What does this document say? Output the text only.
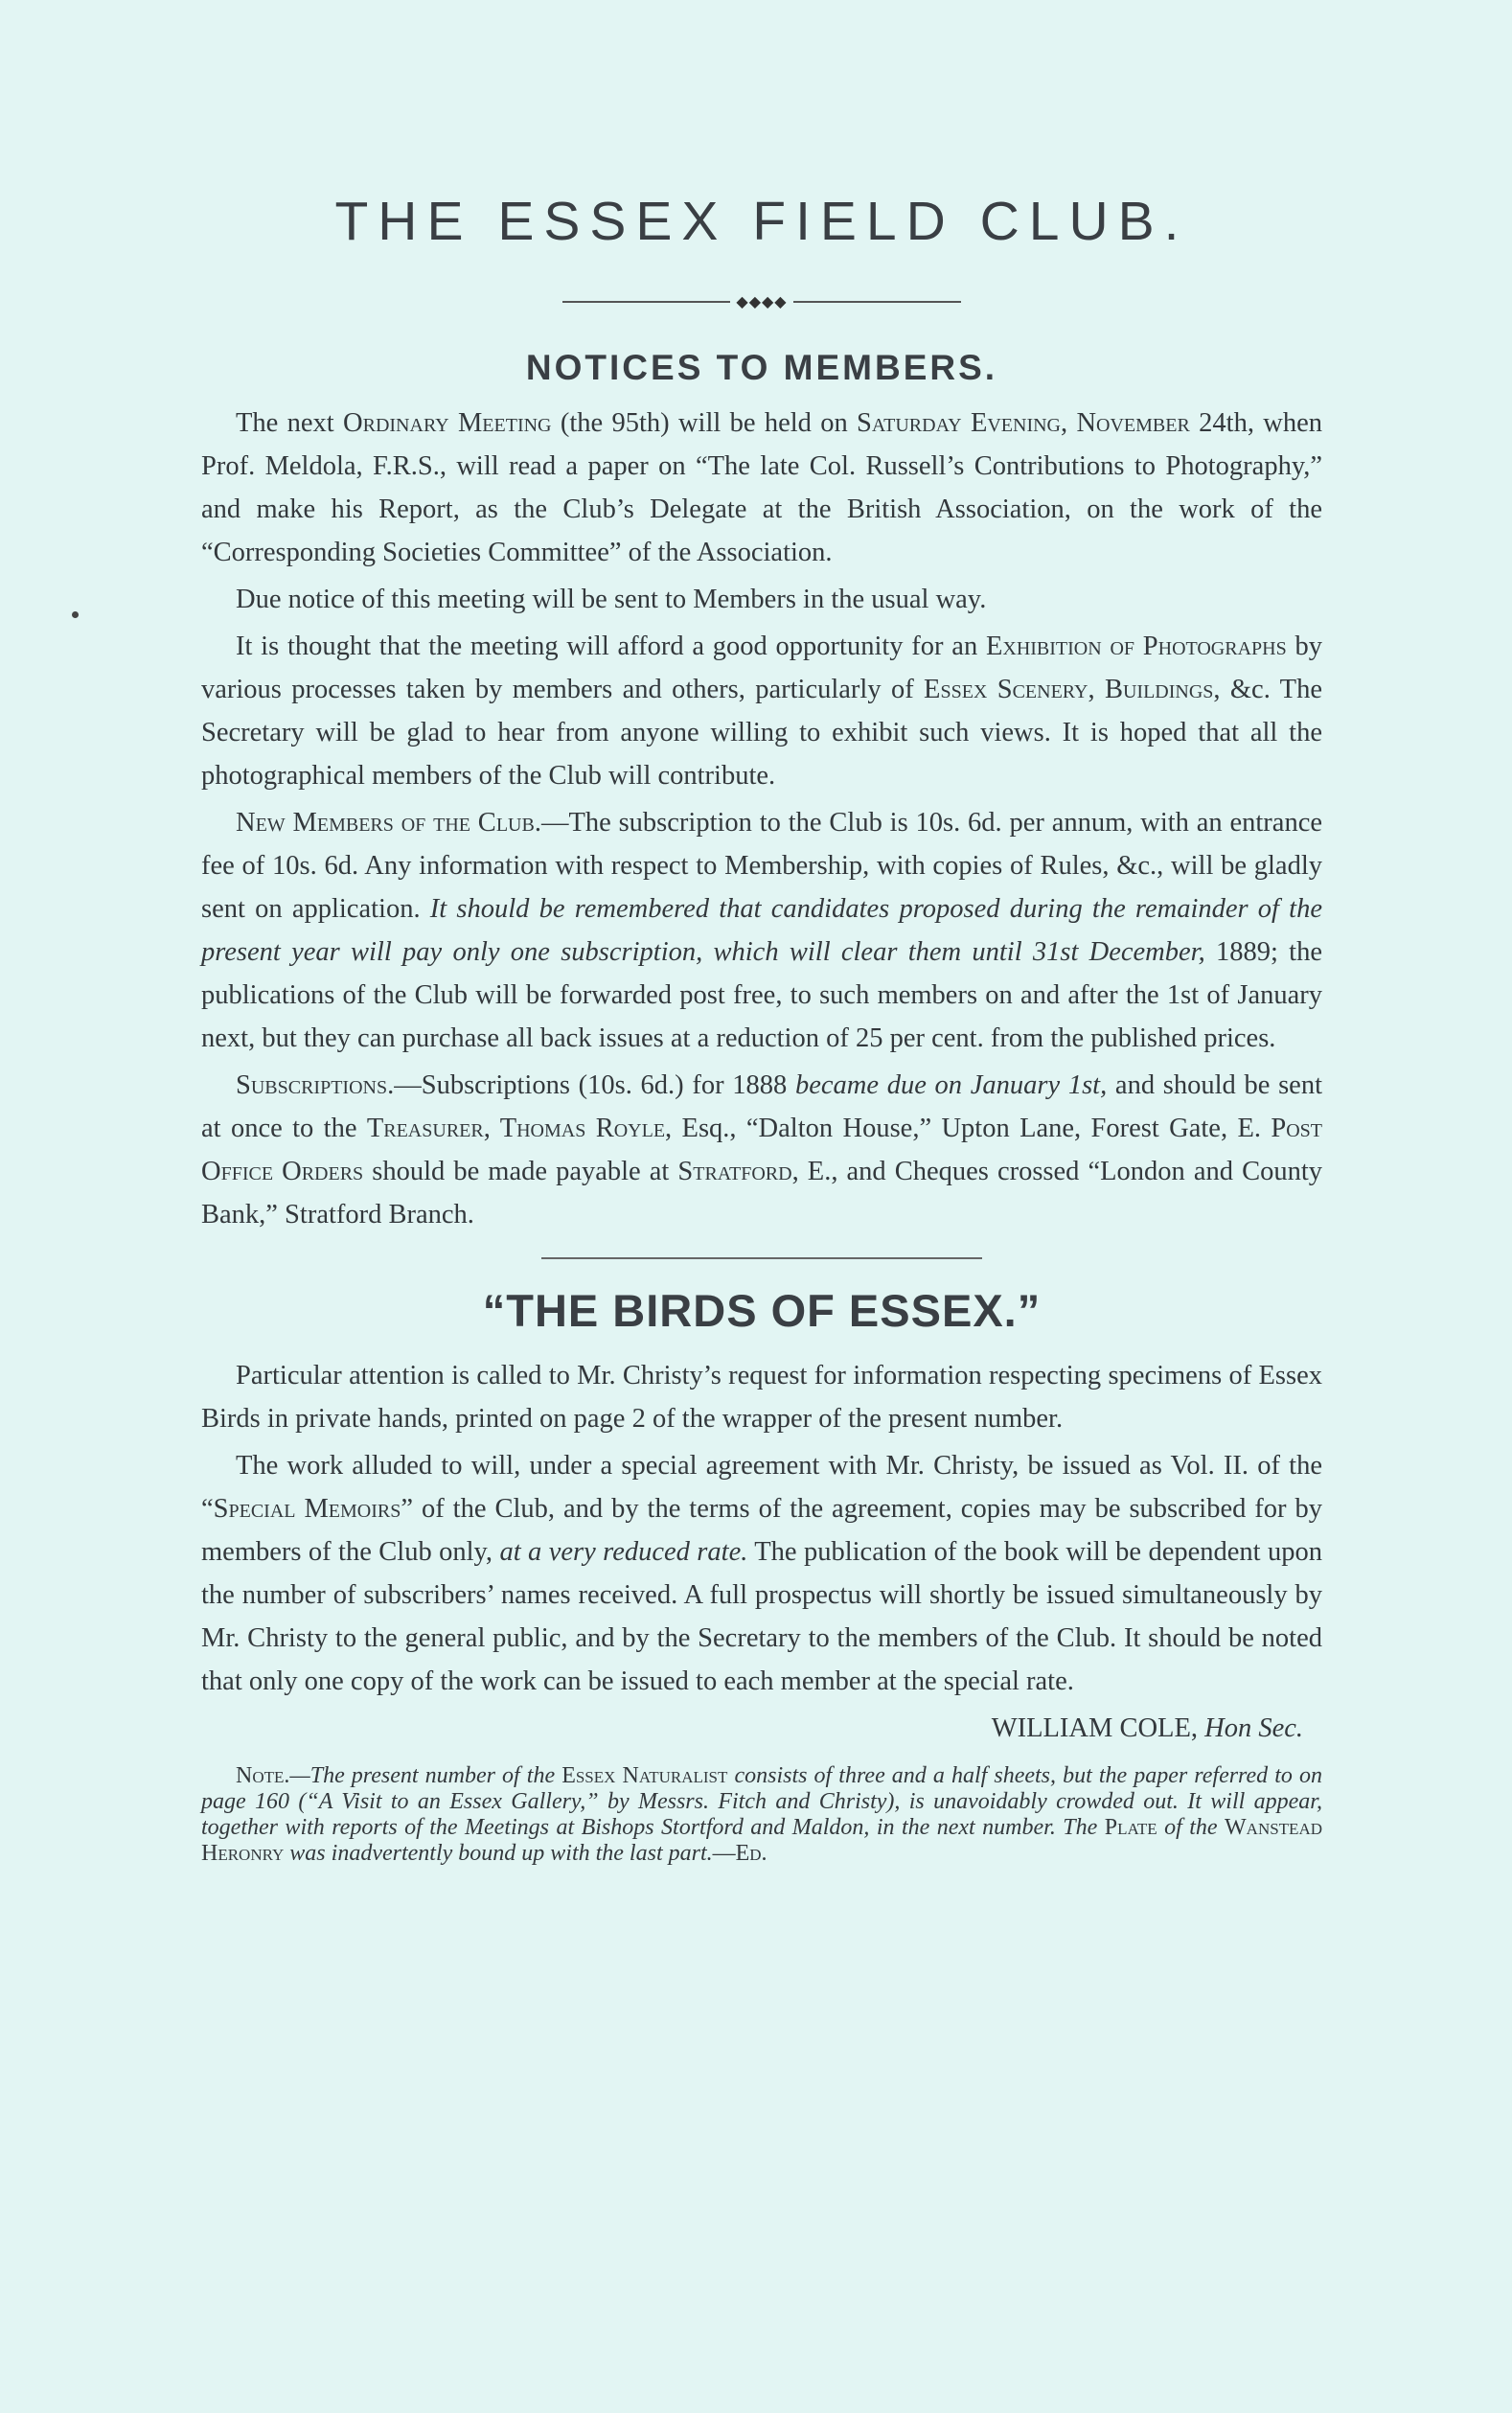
THE ESSEX FIELD CLUB.
◆◆◆◆
NOTICES TO MEMBERS.

The next Ordinary Meeting (the 95th) will be held on Saturday Evening, November 24th, when Prof. Meldola, F.R.S., will read a paper on “The late Col. Russell’s Contributions to Photography,” and make his Report, as the Club’s Delegate at the British Association, on the work of the “Corresponding Societies Committee” of the Association.

Due notice of this meeting will be sent to Members in the usual way.

It is thought that the meeting will afford a good opportunity for an Exhibition of Photographs by various processes taken by members and others, particularly of Essex Scenery, Buildings, &c. The Secretary will be glad to hear from anyone willing to exhibit such views. It is hoped that all the photographical members of the Club will contribute.

New Members of the Club.—The subscription to the Club is 10s. 6d. per annum, with an entrance fee of 10s. 6d. Any information with respect to Membership, with copies of Rules, &c., will be gladly sent on application. It should be remembered that candidates proposed during the remainder of the present year will pay only one subscription, which will clear them until 31st December, 1889; the publications of the Club will be forwarded post free, to such members on and after the 1st of January next, but they can purchase all back issues at a reduction of 25 per cent. from the published prices.

Subscriptions.—Subscriptions (10s. 6d.) for 1888 became due on January 1st, and should be sent at once to the Treasurer, Thomas Royle, Esq., “Dalton House,” Upton Lane, Forest Gate, E. Post Office Orders should be made payable at Stratford, E., and Cheques crossed “London and County Bank,” Stratford Branch.

“THE BIRDS OF ESSEX.”

Particular attention is called to Mr. Christy’s request for information respecting specimens of Essex Birds in private hands, printed on page 2 of the wrapper of the present number.

The work alluded to will, under a special agreement with Mr. Christy, be issued as Vol. II. of the “Special Memoirs” of the Club, and by the terms of the agreement, copies may be subscribed for by members of the Club only, at a very reduced rate. The publication of the book will be dependent upon the number of subscribers’ names received. A full prospectus will shortly be issued simultaneously by Mr. Christy to the general public, and by the Secretary to the members of the Club. It should be noted that only one copy of the work can be issued to each member at the special rate.

WILLIAM COLE, Hon Sec.

Note.—The present number of the Essex Naturalist consists of three and a half sheets, but the paper referred to on page 160 (“A Visit to an Essex Gallery,” by Messrs. Fitch and Christy), is unavoidably crowded out. It will appear, together with reports of the Meetings at Bishops Stortford and Maldon, in the next number. The Plate of the Wanstead Heronry was inadvertently bound up with the last part.—Ed.
